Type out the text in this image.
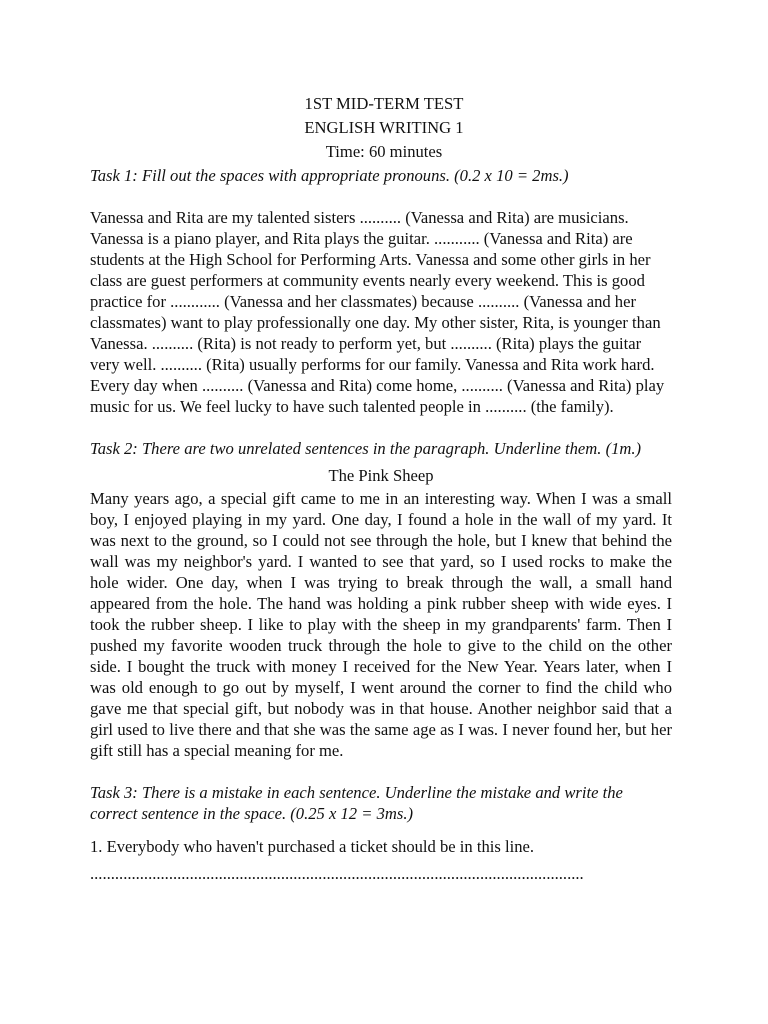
1ST MID-TERM TEST

ENGLISH WRITING 1

Time: 60 minutes

Task 1: Fill out the spaces with appropriate pronouns. (0.2 x 10 = 2ms.)

Vanessa and Rita are my talented sisters .......... (Vanessa and Rita) are musicians. Vanessa is a piano player, and Rita plays the guitar. ........... (Vanessa and Rita) are students at the High School for Performing Arts. Vanessa and some other girls in her class are guest performers at community events nearly every weekend. This is good practice for ............ (Vanessa and her classmates) because .......... (Vanessa and her classmates) want to play professionally one day. My other sister, Rita, is younger than Vanessa. .......... (Rita) is not ready to perform yet, but .......... (Rita) plays the guitar very well. .......... (Rita) usually performs for our family. Vanessa and Rita work hard. Every day when .......... (Vanessa and Rita) come home, .......... (Vanessa and Rita) play music for us. We feel lucky to have such talented people in .......... (the family).

Task 2: There are two unrelated sentences in the paragraph. Underline them. (1m.)

The Pink Sheep

Many years ago, a special gift came to me in an interesting way. When I was a small boy, I enjoyed playing in my yard. One day, I found a hole in the wall of my yard. It was next to the ground, so I could not see through the hole, but I knew that behind the wall was my neighbor's yard. I wanted to see that yard, so I used rocks to make the hole wider. One day, when I was trying to break through the wall, a small hand appeared from the hole. The hand was holding a pink rubber sheep with wide eyes. I took the rubber sheep. I like to play with the sheep in my grandparents' farm. Then I pushed my favorite wooden truck through the hole to give to the child on the other side. I bought the truck with money I received for the New Year. Years later, when I was old enough to go out by myself, I went around the corner to find the child who gave me that special gift, but nobody was in that house. Another neighbor said that a girl used to live there and that she was the same age as I was. I never found her, but her gift still has a special meaning for me.

Task 3: There is a mistake in each sentence. Underline the mistake and write the correct sentence in the space. (0.25 x 12 = 3ms.)

1. Everybody who haven't purchased a ticket should be in this line.

.......................................................................................................................
